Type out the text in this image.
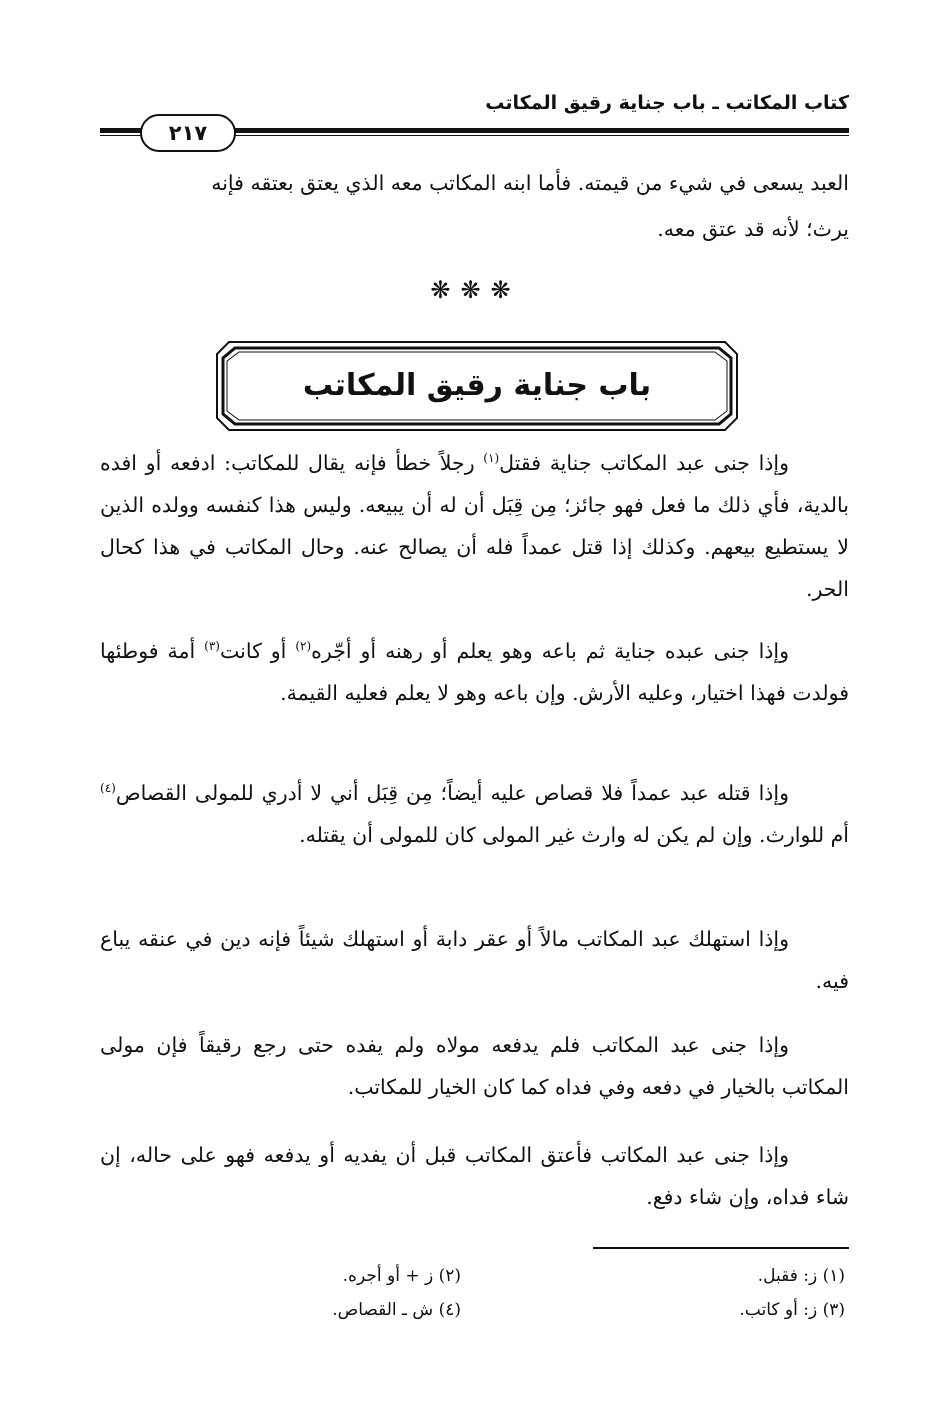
كتاب المكاتب ـ باب جناية رقيق المكاتب
٢١٧
العبد يسعى في شيء من قيمته. فأما ابنه المكاتب معه الذي يعتق بعتقه فإنه
يرث؛ لأنه قد عتق معه.
❋❋❋
باب جناية رقيق المكاتب
وإذا جنى عبد المكاتب جناية فقتل$^{(١)}$ رجلاً خطأ فإنه يقال للمكاتب: ادفعه أو افده بالدية، فأي ذلك ما فعل فهو جائز؛ مِن قِبَل أن له أن يبيعه. وليس هذا كنفسه وولده الذين لا يستطيع بيعهم. وكذلك إذا قتل عمداً فله أن يصالح عنه. وحال المكاتب في هذا كحال الحر.
وإذا جنى عبده جناية ثم باعه وهو يعلم أو رهنه أو أجّره$^{(٢)}$ أو كانت$^{(٣)}$ أمة فوطئها فولدت فهذا اختيار، وعليه الأرش. وإن باعه وهو لا يعلم فعليه القيمة.
وإذا قتله عبد عمداً فلا قصاص عليه أيضاً؛ مِن قِبَل أني لا أدري للمولى القصاص$^{(٤)}$ أم للوارث. وإن لم يكن له وارث غير المولى كان للمولى أن يقتله.
وإذا استهلك عبد المكاتب مالاً أو عقر دابة أو استهلك شيئاً فإنه دين في عنقه يباع فيه.
وإذا جنى عبد المكاتب فلم يدفعه مولاه ولم يفده حتى رجع رقيقاً فإن مولى المكاتب بالخيار في دفعه وفي فداه كما كان الخيار للمكاتب.
وإذا جنى عبد المكاتب فأعتق المكاتب قبل أن يفديه أو يدفعه فهو على حاله، إن شاء فداه، وإن شاء دفع.
(١) ز: فقبل.
(٢) ز + أو أجره.
(٣) ز: أو كاتب.
(٤) ش ـ القصاص.
